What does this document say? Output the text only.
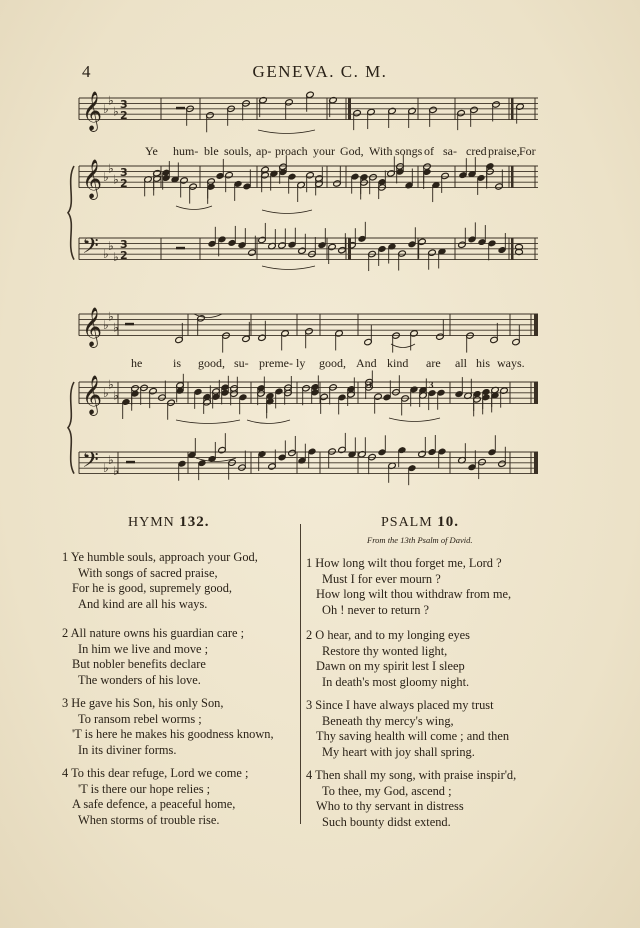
4	GENEVA. C. M.
𝄞 ♭
♭
♭
𝄞 ♭
♭
♭
𝄞 ♭
♭
♭
𝄞 ♭
♭
♭
𝄢 ♭
♭
♭
𝄢 ♭
♭
♭
3
2
3
2
3
2
3	3
Ye hum- ble souls, ap- proach your God, With songs of sa- cred praise, For
he	is good, su- preme- ly good, And kind are all his ways.
HYMN 132.
1 Ye humble souls, approach your God,
With songs of sacred praise,
For he is good, supremely good,
And kind are all his ways.
2 All nature owns his guardian care ;
In him we live and move ;
But nobler benefits declare
The wonders of his love.
3 He gave his Son, his only Son,
To ransom rebel worms ;
'T is here he makes his goodness known,
In its diviner forms.
4 To this dear refuge, Lord we come ;
'T is there our hope relies ;
A safe defence, a peaceful home,
When storms of trouble rise.
PSALM 10.
From the 13th Psalm of David.
1 How long wilt thou forget me, Lord ?
Must I for ever mourn ?
How long wilt thou withdraw from me,
Oh ! never to return ?
2 O hear, and to my longing eyes
Restore thy wonted light,
Dawn on my spirit lest I sleep
In death's most gloomy night.
3 Since I have always placed my trust
Beneath thy mercy's wing,
Thy saving health will come ; and then
My heart with joy shall spring.
4 Then shall my song, with praise inspir'd,
To thee, my God, ascend ;
Who to thy servant in distress
Such bounty didst extend.
